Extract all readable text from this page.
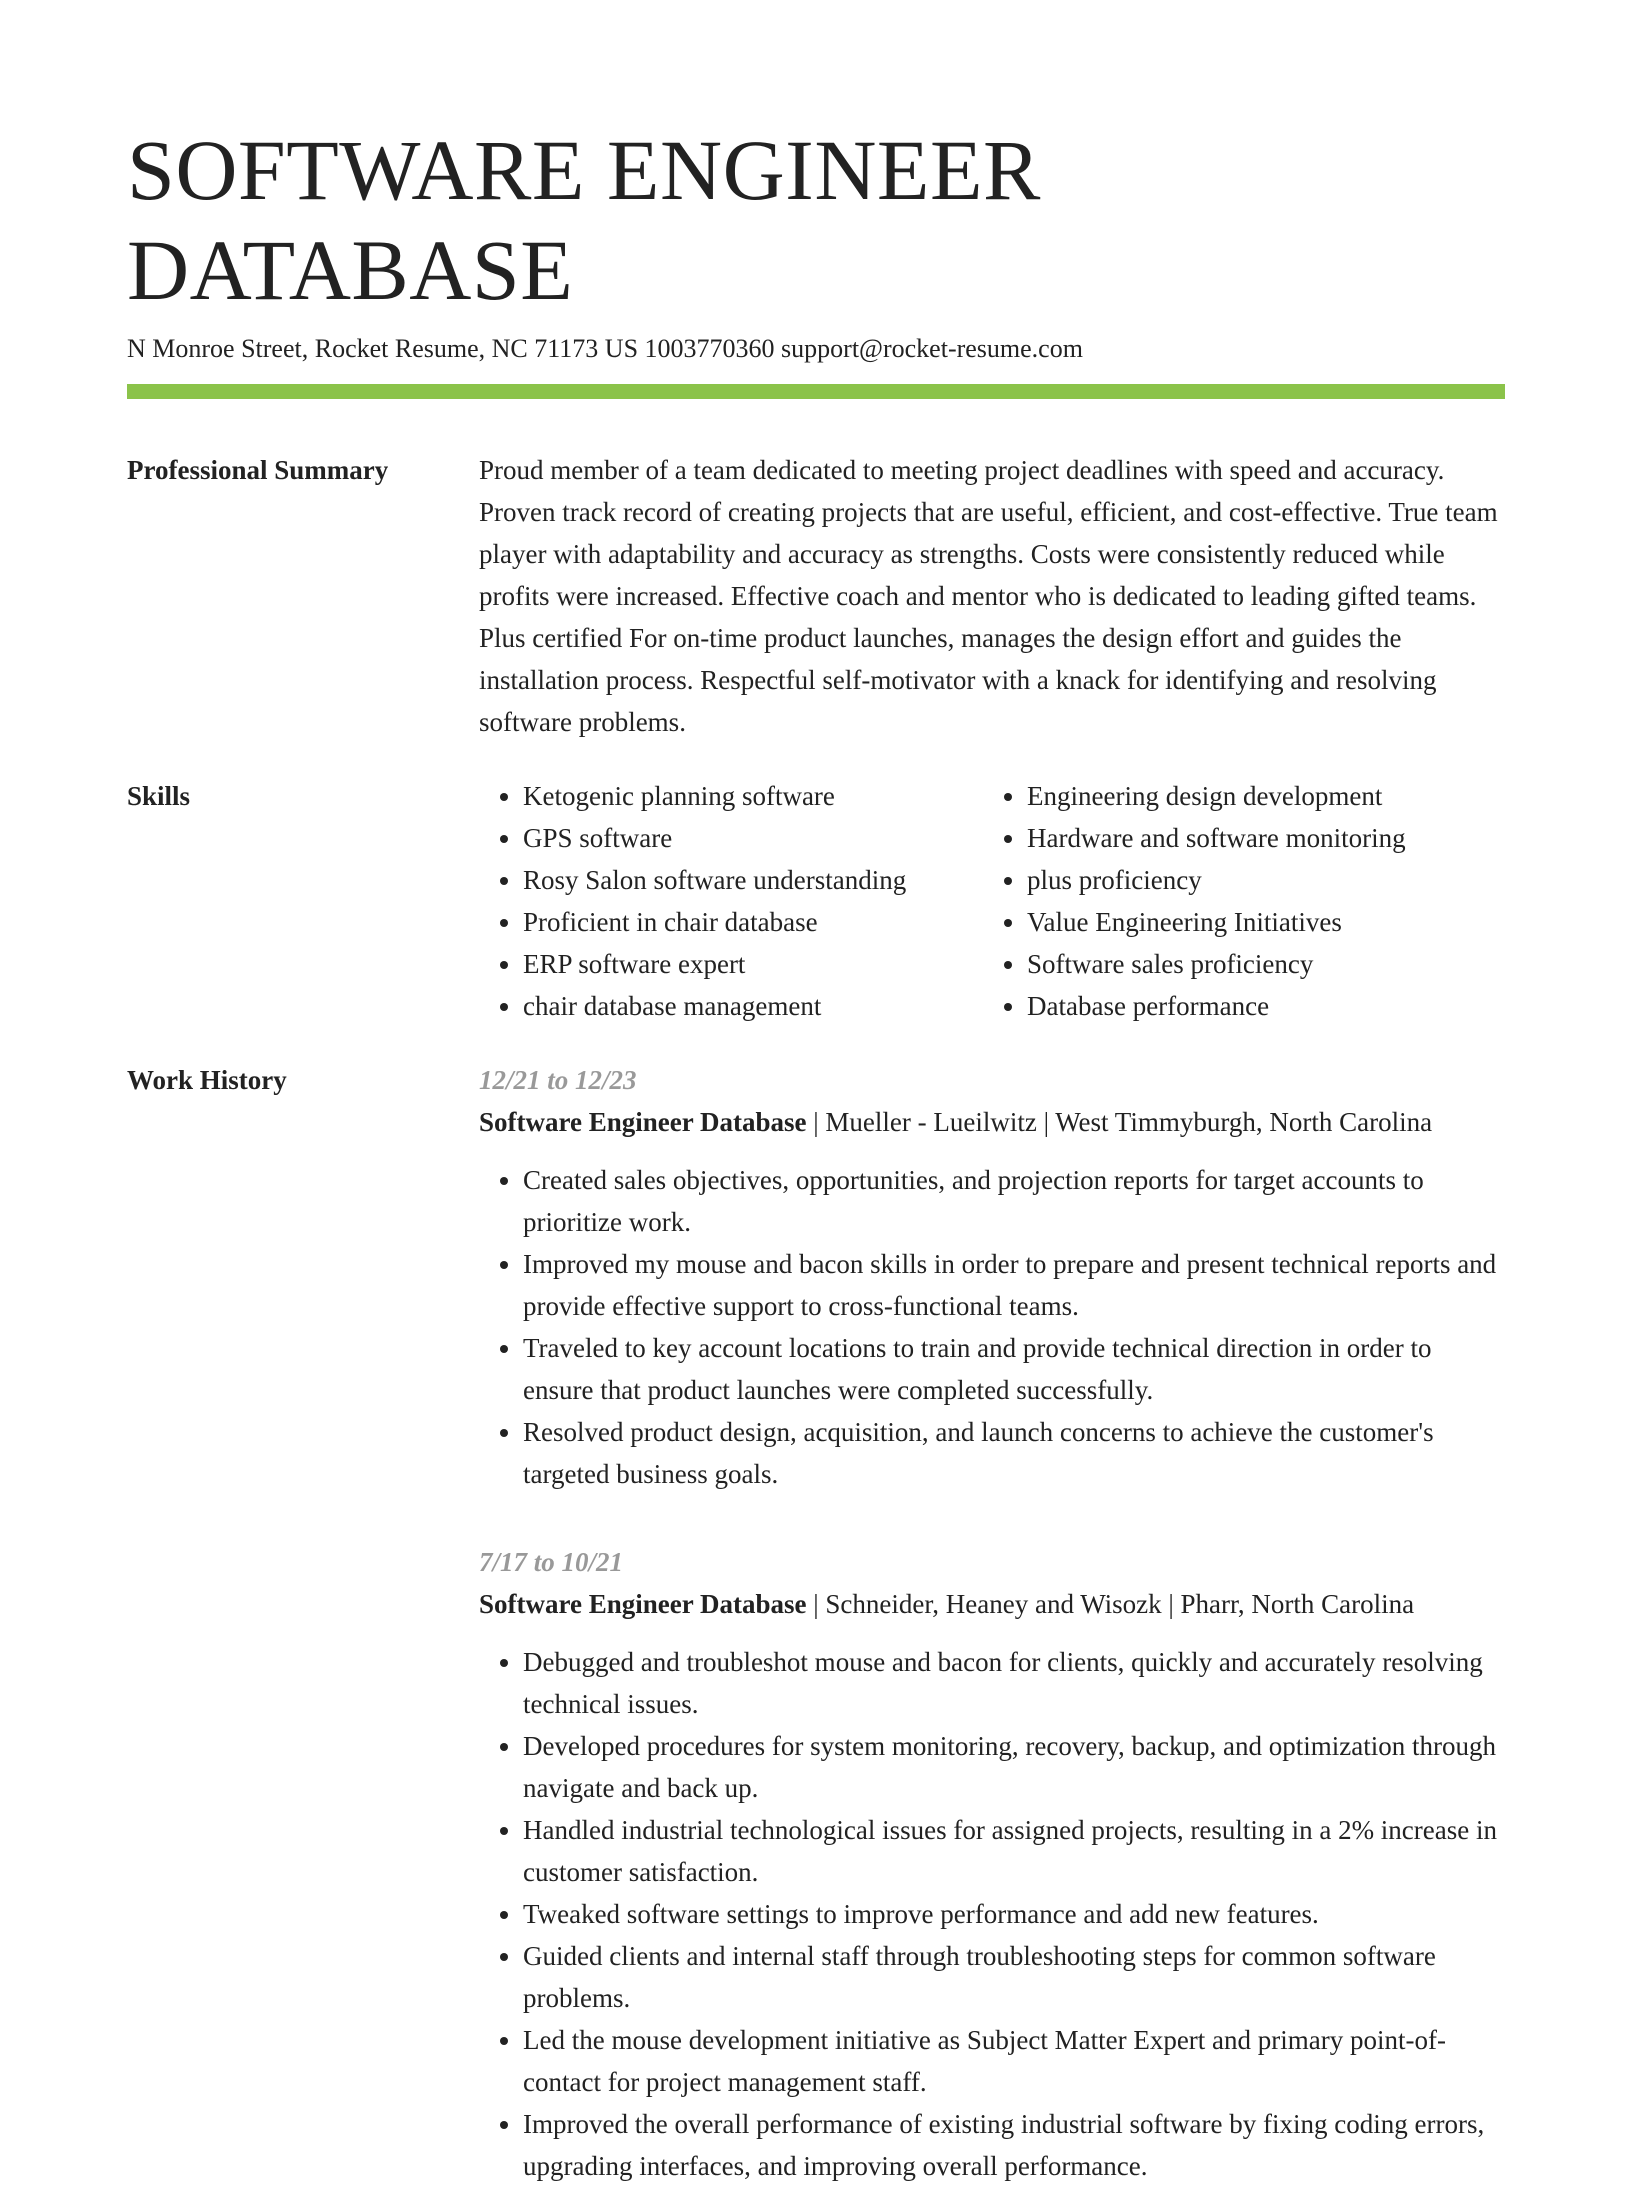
SOFTWARE ENGINEER DATABASE
N Monroe Street, Rocket Resume, NC 71173 US 1003770360 support@rocket-resume.com
Professional Summary	Proud member of a team dedicated to meeting project deadlines with speed and accuracy. Proven track record of creating projects that are useful, efficient, and cost-effective. True team player with adaptability and accuracy as strengths. Costs were consistently reduced while profits were increased. Effective coach and mentor who is dedicated to leading gifted teams. Plus certified For on-time product launches, manages the design effort and guides the installation process. Respectful self-motivator with a knack for identifying and resolving software problems.
Skills
•	Ketogenic planning software
• GPS software
• Rosy Salon software understanding
• Proficient in chair database
• ERP software expert
• chair database management
• Engineering design development
• Hardware and software monitoring
• plus proficiency
• Value Engineering Initiatives
• Software sales proficiency
• Database performance
Work History	12/21 to 12/23
Software Engineer Database | Mueller - Lueilwitz | West Timmyburgh, North Carolina
• Created sales objectives, opportunities, and projection reports for target accounts to prioritize work.
• Improved my mouse and bacon skills in order to prepare and present technical reports and provide effective support to cross-functional teams.
• Traveled to key account locations to train and provide technical direction in order to ensure that product launches were completed successfully.
• Resolved product design, acquisition, and launch concerns to achieve the customer's targeted business goals.
7/17 to 10/21
Software Engineer Database | Schneider, Heaney and Wisozk | Pharr, North Carolina
• Debugged and troubleshot mouse and bacon for clients, quickly and accurately resolving technical issues.
• Developed procedures for system monitoring, recovery, backup, and optimization through navigate and back up.
• Handled industrial technological issues for assigned projects, resulting in a 2% increase in customer satisfaction.
• Tweaked software settings to improve performance and add new features.
• Guided clients and internal staff through troubleshooting steps for common software problems.
• Led the mouse development initiative as Subject Matter Expert and primary point-of-contact for project management staff.
• Improved the overall performance of existing industrial software by fixing coding errors, upgrading interfaces, and improving overall performance.
